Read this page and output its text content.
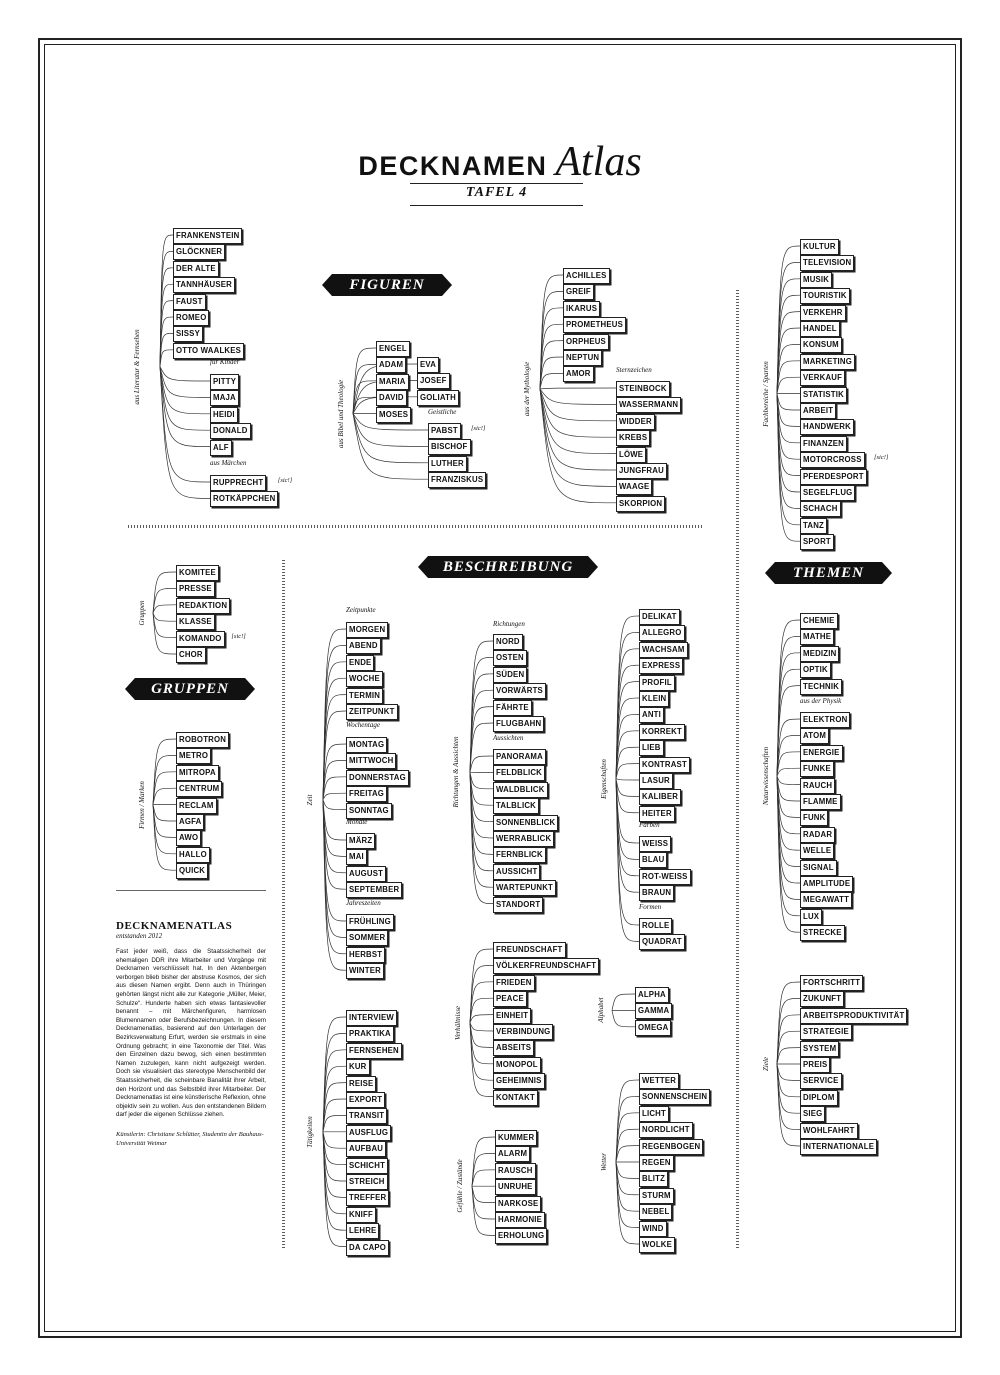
DECKNAMEN Atlas
TAFEL 4
FIGUREN
GRUPPEN
BESCHREIBUNG	THEMEN
DECKNAMENATLAS
entstanden 2012
Fast jeder weiß, dass die Staatssicherheit der ehemaligen DDR ihre Mitarbeiter und Vorgänge mit Decknamen verschlüsselt hat. In den Aktenbergen verborgen blieb bisher der abstruse Kosmos, der sich aus diesen Namen ergibt. Denn auch in Thüringen gehörten längst nicht alle zur Kategorie „Müller, Meier, Schulze“. Hunderte haben sich etwas fantasievoller benannt – mit Märchenfiguren, harmlosen Blumennamen oder Berufsbezeichnungen. In diesem Decknamenatlas, basierend auf den Unterlagen der Bezirksverwaltung Erfurt, werden sie erstmals in eine Ordnung gebracht; in eine Taxonomie der Titel. Was den Einzelnen dazu bewog, sich einen bestimmten Namen zuzulegen, kann nicht aufgezeigt werden. Doch sie visualisiert das stereotype Menschenbild der Staatssicherheit, die scheinbare Banalität ihrer Arbeit, den Horizont und das Selbstbild ihrer Mitarbeiter. Der Decknamenatlas ist eine künstlerische Reflexion, ohne objektiv sein zu wollen. Aus den entstandenen Bildern darf jeder die eigenen Schlüsse ziehen.
Künstlerin: Christiane Schlütter, Studentin der Bauhaus-Universität Weimar
FRANKENSTEIN
GLÖCKNER
DER ALTE
TANNHÄUSER
FAUST
ROMEO
SISSY
OTTO WAALKES
PITTY
MAJA
HEIDI
DONALD
ALF
für Kinder
RUPPRECHT	[sic!]
ROTKÄPPCHEN
aus Märchen
aus Literatur & Fernsehen	ENGEL
ADAM
MARIA
DAVID
MOSES
EVA
JOSEF
GOLIATH
PABST	[sic!]
BISCHOF
LUTHER
FRANZISKUS
Geistliche
aus Bibel und Theologie
ACHILLES
GREIF
IKARUS
PROMETHEUS
ORPHEUS
NEPTUN
AMOR
STEINBOCK
WASSERMANN
WIDDER
KREBS
LÖWE
JUNGFRAU
WAAGE
SKORPION
Sternzeichen
aus der Mythologie
KULTUR
TELEVISION
MUSIK
TOURISTIK
VERKEHR
HANDEL
KONSUM
MARKETING
VERKAUF
STATISTIK
ARBEIT
HANDWERK
FINANZEN
MOTORCROSS	[sic!]
PFERDESPORT
SEGELFLUG
SCHACH
TANZ
SPORT
Fachbereiche / Sparten
KOMITEE
PRESSE
REDAKTION
KLASSE
KOMANDO	[sic!]
CHOR
Gruppen
ROBOTRON
METRO
MITROPA
CENTRUM
RECLAM
AGFA
AWO
HALLO
QUICK
Firmen / Marken
MORGEN
ABEND
ENDE
WOCHE
TERMIN
ZEITPUNKT
Zeitpunkte
MONTAG
MITTWOCH
DONNERSTAG
FREITAG
SONNTAG
Wochentage
MÄRZ
MAI
AUGUST
SEPTEMBER
Monate
FRÜHLING
SOMMER
HERBST
WINTER
Jahreszeiten
Zeit
NORD
OSTEN
SÜDEN
VORWÄRTS
FÄHRTE
FLUGBAHN
Richtungen
PANORAMA
FELDBLICK
WALDBLICK
TALBLICK
SONNENBLICK
WERRABLICK
FERNBLICK
AUSSICHT
WARTEPUNKT
STANDORT
Aussichten
Richtungen & Aussichten
DELIKAT
ALLEGRO
WACHSAM
EXPRESS
PROFIL
KLEIN
ANTI
KORREKT
LIEB
KONTRAST
LASUR
KALIBER
HEITER
WEISS
BLAU
ROT-WEISS
BRAUN
Farben
ROLLE
QUADRAT
Formen
Eigenschaften
CHEMIE
MATHE
MEDIZIN
OPTIK
TECHNIK
ELEKTRON
ATOM
ENERGIE
FUNKE
RAUCH
FLAMME
FUNK
RADAR
WELLE
SIGNAL
AMPLITUDE
MEGAWATT
LUX
STRECKE
aus der Physik
Naturwissenschaften
FREUNDSCHAFT
VÖLKERFREUNDSCHAFT
FRIEDEN
PEACE
EINHEIT
VERBINDUNG
ABSEITS
MONOPOL
GEHEIMNIS
KONTAKT
Verhältnisse
ALPHA
GAMMA
OMEGA
Alphabet
INTERVIEW
PRAKTIKA
FERNSEHEN
KUR
REISE
EXPORT
TRANSIT
AUSFLUG
AUFBAU
SCHICHT
STREICH
TREFFER
KNIFF
LEHRE
DA CAPO
Tätigkeiten	KUMMER
ALARM
RAUSCH
UNRUHE
NARKOSE
HARMONIE
ERHOLUNG
Gefühle / Zustände
WETTER
SONNENSCHEIN
LICHT
NORDLICHT
REGENBOGEN
REGEN
BLITZ
STURM
NEBEL
WIND
WOLKE
Wetter
FORTSCHRITT
ZUKUNFT
ARBEITSPRODUKTIVITÄT
STRATEGIE
SYSTEM
PREIS
SERVICE
DIPLOM
SIEG
WOHLFAHRT
INTERNATIONALE
Ziele
